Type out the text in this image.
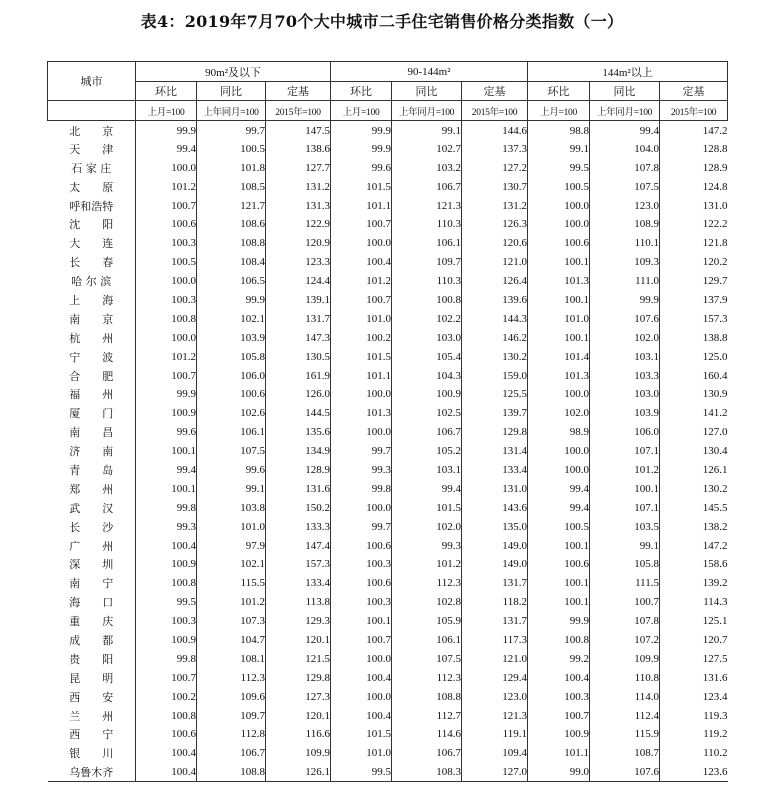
表4：2019年7月70个大中城市二手住宅销售价格分类指数（一）
城市	90m²及以下			90-144m²			144m²以上		
	环比	同比	定基	环比	同比	定基	环比	同比	定基
	上月=100	上年同月=100	2015年=100	上月=100	上年同月=100	2015年=100	上月=100	上年同月=100	2015年=100
北　　京	99.9	99.7	147.5	99.9	99.1	144.6	98.8	99.4	147.2
天　　津	99.4	100.5	138.6	99.9	102.7	137.3	99.1	104.0	128.8
石 家 庄	100.0	101.8	127.7	99.6	103.2	127.2	99.5	107.8	128.9
太　　原	101.2	108.5	131.2	101.5	106.7	130.7	100.5	107.5	124.8
呼和浩特	100.7	121.7	131.3	101.1	121.3	131.2	100.0	123.0	131.0
沈　　阳	100.6	108.6	122.9	100.7	110.3	126.3	100.0	108.9	122.2
大　　连	100.3	108.8	120.9	100.0	106.1	120.6	100.6	110.1	121.8
长　　春	100.5	108.4	123.3	100.4	109.7	121.0	100.1	109.3	120.2
哈 尔 滨	100.0	106.5	124.4	101.2	110.3	126.4	101.3	111.0	129.7
上　　海	100.3	99.9	139.1	100.7	100.8	139.6	100.1	99.9	137.9
南　　京	100.8	102.1	131.7	101.0	102.2	144.3	101.0	107.6	157.3
杭　　州	100.0	103.9	147.3	100.2	103.0	146.2	100.1	102.0	138.8
宁　　波	101.2	105.8	130.5	101.5	105.4	130.2	101.4	103.1	125.0
合　　肥	100.7	106.0	161.9	101.1	104.3	159.0	101.3	103.3	160.4
福　　州	99.9	100.6	126.0	100.0	100.9	125.5	100.0	103.0	130.9
厦　　门	100.9	102.6	144.5	101.3	102.5	139.7	102.0	103.9	141.2
南　　昌	99.6	106.1	135.6	100.0	106.7	129.8	98.9	106.0	127.0
济　　南	100.1	107.5	134.9	99.7	105.2	131.4	100.0	107.1	130.4
青　　岛	99.4	99.6	128.9	99.3	103.1	133.4	100.0	101.2	126.1
郑　　州	100.1	99.1	131.6	99.8	99.4	131.0	99.4	100.1	130.2
武　　汉	99.8	103.8	150.2	100.0	101.5	143.6	99.4	107.1	145.5
长　　沙	99.3	101.0	133.3	99.7	102.0	135.0	100.5	103.5	138.2
广　　州	100.4	97.9	147.4	100.6	99.3	149.0	100.1	99.1	147.2
深　　圳	100.9	102.1	157.3	100.3	101.2	149.0	100.6	105.8	158.6
南　　宁	100.8	115.5	133.4	100.6	112.3	131.7	100.1	111.5	139.2
海　　口	99.5	101.2	113.8	100.3	102.8	118.2	100.1	100.7	114.3
重　　庆	100.3	107.3	129.3	100.1	105.9	131.7	99.9	107.8	125.1
成　　都	100.9	104.7	120.1	100.7	106.1	117.3	100.8	107.2	120.7
贵　　阳	99.8	108.1	121.5	100.0	107.5	121.0	99.2	109.9	127.5
昆　　明	100.7	112.3	129.8	100.4	112.3	129.4	100.4	110.8	131.6
西　　安	100.2	109.6	127.3	100.0	108.8	123.0	100.3	114.0	123.4
兰　　州	100.8	109.7	120.1	100.4	112.7	121.3	100.7	112.4	119.3
西　　宁	100.6	112.8	116.6	101.5	114.6	119.1	100.9	115.9	119.2
银　　川	100.4	106.7	109.9	101.0	106.7	109.4	101.1	108.7	110.2
乌鲁木齐	100.4	108.8	126.1	99.5	108.3	127.0	99.0	107.6	123.6
